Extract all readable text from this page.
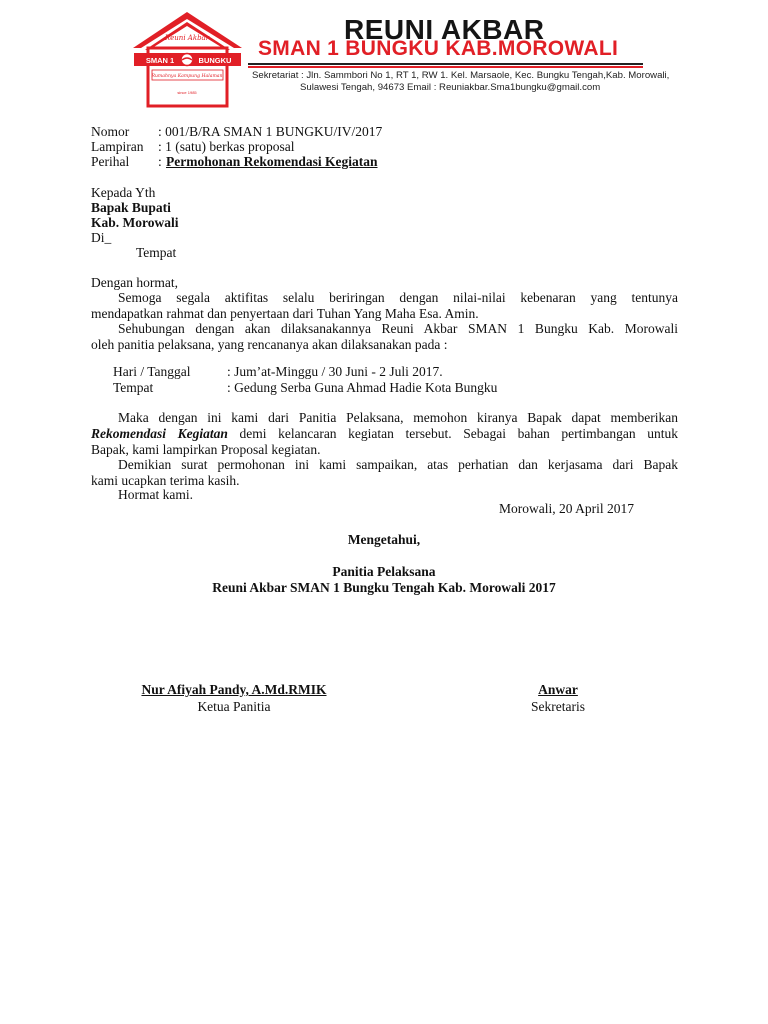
Reuni Akbar
SMAN 1	BUNGKU
Rumahnya Kampung Halaman
since 1985
REUNI AKBAR
SMAN 1 BUNGKU KAB.MOROWALI
Sekretariat : Jln. Sammbori No 1, RT 1, RW 1. Kel. Marsaole, Kec. Bungku Tengah,Kab. Morowali,
Sulawesi Tengah, 94673 Email : Reuniakbar.Sma1bungku@gmail.com
Nomor : 001/B/RA SMAN 1 BUNGKU/IV/2017
Lampiran : 1 (satu) berkas proposal
Perihal : Permohonan Rekomendasi Kegiatan
Kepada Yth
Bapak Bupati
Kab. Morowali
Di_
Tempat
Dengan hormat,
Semoga segala aktifitas selalu beriringan dengan nilai-nilai kebenaran yang tentunya
mendapatkan rahmat dan penyertaan dari Tuhan Yang Maha Esa. Amin.
Sehubungan dengan akan dilaksanakannya Reuni Akbar SMAN 1 Bungku Kab. Morowali
oleh panitia pelaksana, yang rencananya akan dilaksanakan pada :
Hari / Tanggal	: Jum’at-Minggu / 30 Juni - 2 Juli 2017.
Tempat	: Gedung Serba Guna Ahmad Hadie Kota Bungku
Maka dengan ini kami dari Panitia Pelaksana, memohon kiranya Bapak dapat memberikan
Rekomendasi Kegiatan demi kelancaran kegiatan tersebut. Sebagai bahan pertimbangan untuk
Bapak, kami lampirkan Proposal kegiatan.
Demikian surat permohonan ini kami sampaikan, atas perhatian dan kerjasama dari Bapak
kami ucapkan terima kasih.
Hormat kami.
Morowali, 20 April 2017
Mengetahui,
Panitia Pelaksana
Reuni Akbar SMAN 1 Bungku Tengah Kab. Morowali 2017
Nur Afiyah Pandy, A.Md.RMIK
Ketua Panitia
Anwar
Sekretaris
